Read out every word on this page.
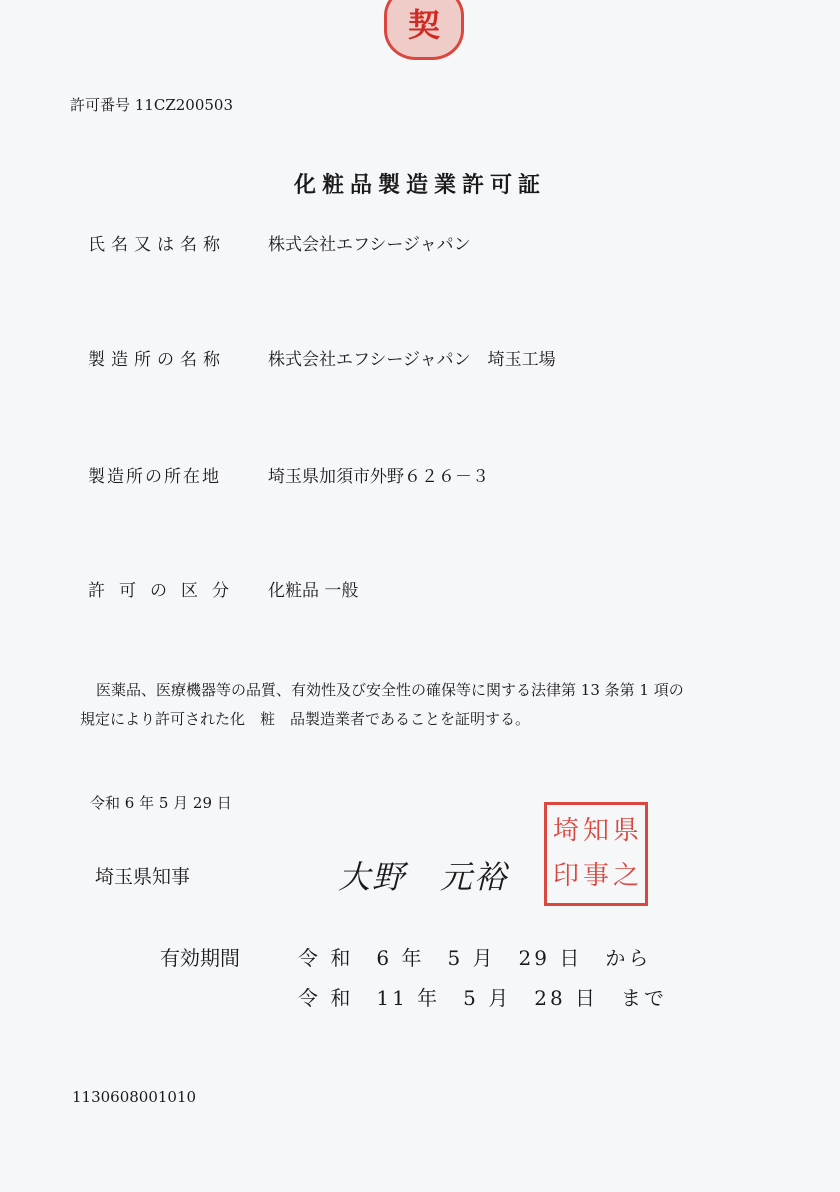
契
許可番号 11CZ200503
化粧品製造業許可証
氏名又は名称 株式会社エフシージャパン
製造所の名称 株式会社エフシージャパン　埼玉工場
製造所の所在地	埼玉県加須市外野６２６－３
許可の区分 化粧品 一般
医薬品、医療機器等の品質、有効性及び安全性の確保等に関する法律第 13 条第 1 項の
規定により許可された化　粧　品製造業者であることを証明する。
令和 6 年 5 月 29 日
埼玉県知事	大野　元裕
県
之
知
事
埼
印
有効期間	令 和　6 年　5 月　29 日　から
令 和　11 年　5 月　28 日　まで
1130608001010
